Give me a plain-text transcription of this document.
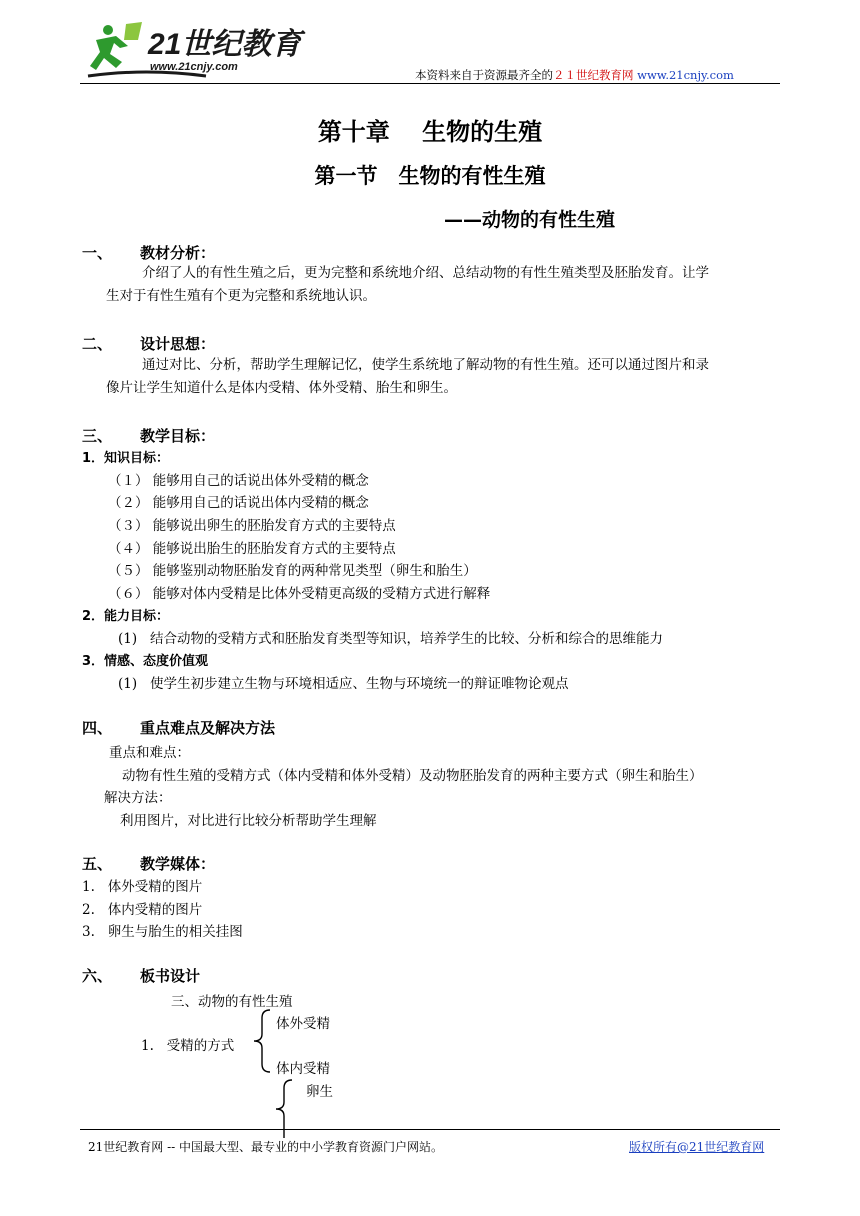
21世纪教育
www.21cnjy.com
本资料来自于资源最齐全的２１世纪教育网 www.21cnjy.com
第十章　 生物的生殖
第一节　生物的有性生殖
——动物的有性生殖
一、 教材分析：
介绍了人的有性生殖之后，更为完整和系统地介绍、总结动物的有性生殖类型及胚胎发育。让学
生对于有性生殖有个更为完整和系统地认识。
二、 设计思想：
通过对比、分析，帮助学生理解记忆，使学生系统地了解动物的有性生殖。还可以通过图片和录
像片让学生知道什么是体内受精、体外受精、胎生和卵生。
三、 教学目标：
1．知识目标：
（１） 能够用自己的话说出体外受精的概念
（２） 能够用自己的话说出体内受精的概念
（３） 能够说出卵生的胚胎发育方式的主要特点
（４） 能够说出胎生的胚胎发育方式的主要特点
（５） 能够鉴别动物胚胎发育的两种常见类型（卵生和胎生）
（６） 能够对体内受精是比体外受精更高级的受精方式进行解释
2．能力目标：
(1) 结合动物的受精方式和胚胎发育类型等知识，培养学生的比较、分析和综合的思维能力
3．情感、态度价值观
(1) 使学生初步建立生物与环境相适应、生物与环境统一的辩证唯物论观点
四、 重点难点及解决方法
重点和难点：
动物有性生殖的受精方式（体内受精和体外受精）及动物胚胎发育的两种主要方式（卵生和胎生）
解决方法：
利用图片，对比进行比较分析帮助学生理解
五、 教学媒体：
1. 体外受精的图片
2. 体内受精的图片
3. 卵生与胎生的相关挂图
六、 板书设计
三、动物的有性生殖
1. 受精的方式
体外受精
体内受精
卵生
21世纪教育网 -- 中国最大型、最专业的中小学教育资源门户网站。	版权所有@21世纪教育网
